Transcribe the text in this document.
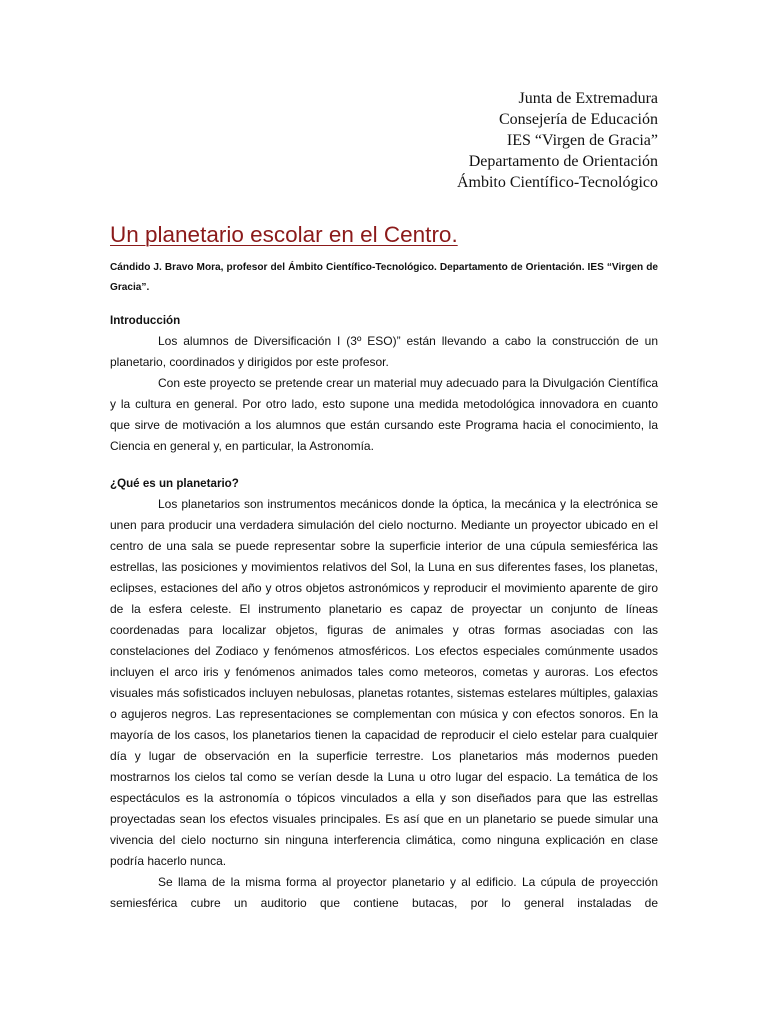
Junta de Extremadura
Consejería de Educación
IES “Virgen de Gracia”
Departamento de Orientación
Ámbito Científico-Tecnológico
Un planetario escolar en el Centro.

Cándido J. Bravo Mora, profesor del Ámbito Científico-Tecnológico. Departamento de Orientación. IES “Virgen de Gracia”.

Introducción

Los alumnos de Diversificación I (3º ESO)” están llevando a cabo la construcción de un planetario, coordinados y dirigidos por este profesor.

Con este proyecto se pretende crear un material muy adecuado para la Divulgación Científica y la cultura en general. Por otro lado, esto supone una medida metodológica innovadora en cuanto que sirve de motivación a los alumnos que están cursando este Programa hacia el conocimiento, la Ciencia en general y, en particular, la Astronomía.

¿Qué es un planetario?

Los planetarios son instrumentos mecánicos donde la óptica, la mecánica y la electrónica se unen para producir una verdadera simulación del cielo nocturno. Mediante un proyector ubicado en el centro de una sala se puede representar sobre la superficie interior de una cúpula semiesférica las estrellas, las posiciones y movimientos relativos del Sol, la Luna en sus diferentes fases, los planetas, eclipses, estaciones del año y otros objetos astronómicos y reproducir el movimiento aparente de giro de la esfera celeste. El instrumento planetario es capaz de proyectar un conjunto de líneas coordenadas para localizar objetos, figuras de animales y otras formas asociadas con las constelaciones del Zodiaco y fenómenos atmosféricos. Los efectos especiales comúnmente usados incluyen el arco iris y fenómenos animados tales como meteoros, cometas y auroras. Los efectos visuales más sofisticados incluyen nebulosas, planetas rotantes, sistemas estelares múltiples, galaxias o agujeros negros. Las representaciones se complementan con música y con efectos sonoros. En la mayoría de los casos, los planetarios tienen la capacidad de reproducir el cielo estelar para cualquier día y lugar de observación en la superficie terrestre. Los planetarios más modernos pueden mostrarnos los cielos tal como se verían desde la Luna u otro lugar del espacio. La temática de los espectáculos es la astronomía o tópicos vinculados a ella y son diseñados para que las estrellas proyectadas sean los efectos visuales principales. Es así que en un planetario se puede simular una vivencia del cielo nocturno sin ninguna interferencia climática, como ninguna explicación en clase podría hacerlo nunca.

Se llama de la misma forma al proyector planetario y al edificio. La cúpula de proyección semiesférica cubre un auditorio que contiene butacas, por lo general instaladas de
